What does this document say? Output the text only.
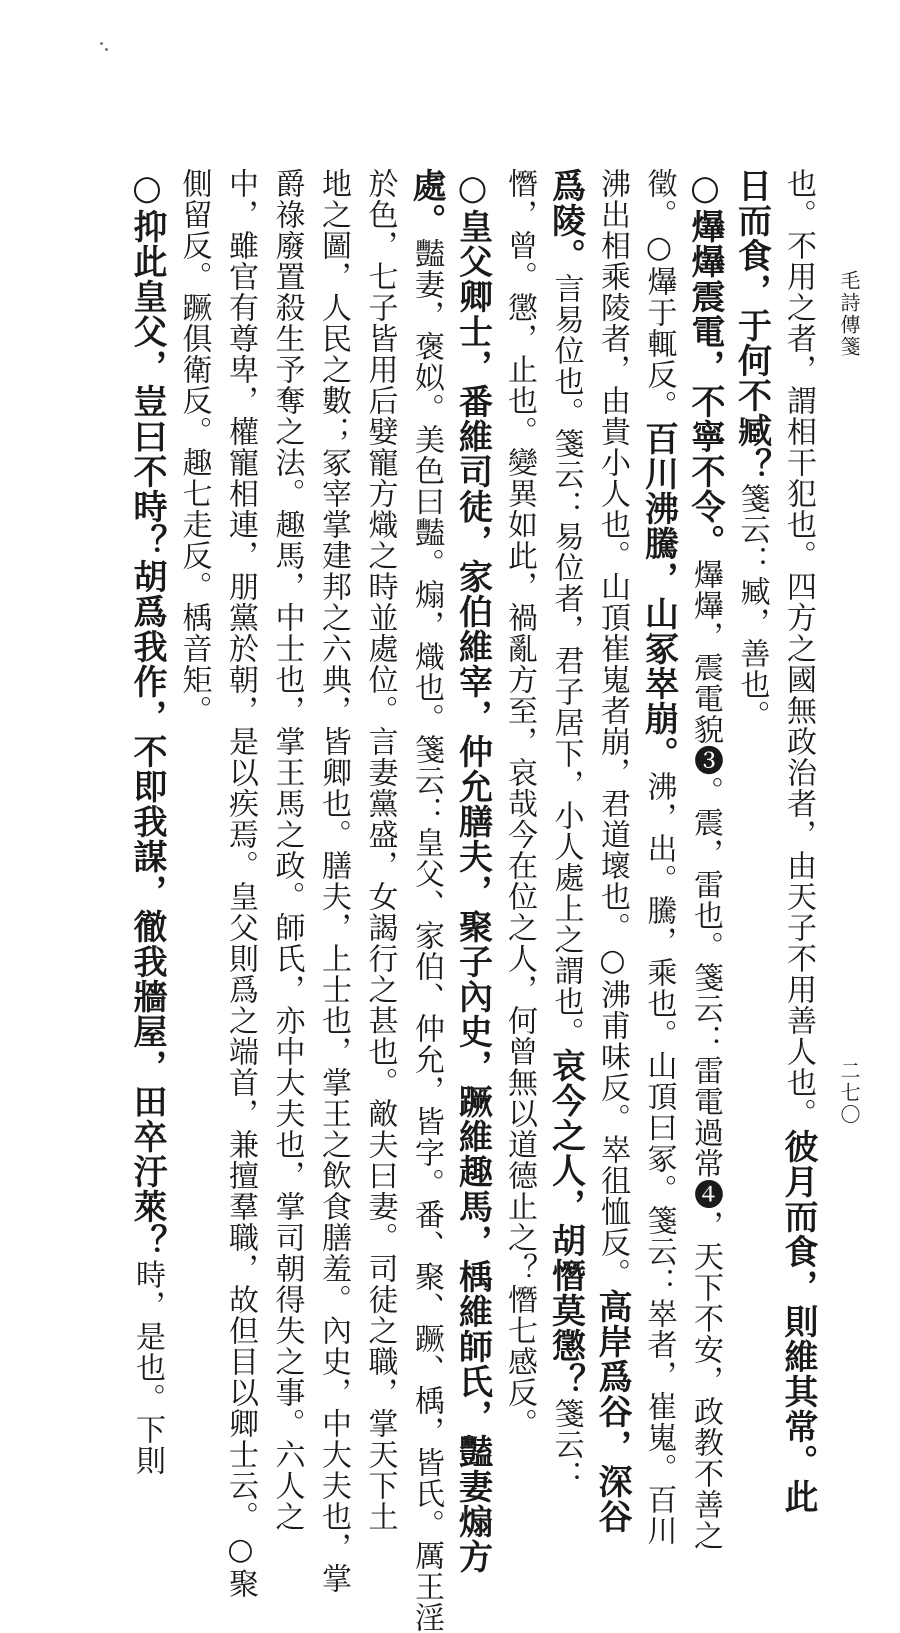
毛詩傳箋
二七〇
也。不用之者，謂相干犯也。四方之國無政治者，由天子不用善人也。彼月而食，則維其常。此
日而食，于何不臧？箋云：臧，善也。
○爗爗震電，不寧不令。爗爗，震電貌❸。震，雷也。箋云：雷電過常❹，天下不安，政教不善之
徵。○爗于輒反。百川沸騰，山冢崒崩。沸，出。騰，乘也。山頂曰冢。箋云：崒者，崔嵬。百川
沸出相乘陵者，由貴小人也。山頂崔嵬者崩，君道壞也。○沸甫味反。崒徂恤反。高岸爲谷，深谷
爲陵。言易位也。箋云：易位者，君子居下，小人處上之謂也。哀今之人，胡憯莫懲？箋云：
憯，曾。懲，止也。變異如此，禍亂方至，哀哉今在位之人，何曾無以道德止之？憯七感反。
○皇父卿士，番維司徒，家伯維宰，仲允膳夫，聚子內史，蹶維趣馬，楀維師氏，豔妻煽方
處。豔妻，褒姒。美色曰豔。煽，熾也。箋云：皇父、家伯、仲允，皆字。番、聚、蹶、楀，皆氏。厲王淫
於色，七子皆用后嬖寵方熾之時並處位。言妻黨盛，女謁行之甚也。敵夫曰妻。司徒之職，掌天下土
地之圖，人民之數；冢宰掌建邦之六典，皆卿也。膳夫，上士也，掌王之飲食膳羞。內史，中大夫也，掌
爵祿廢置殺生予奪之法。趣馬，中士也，掌王馬之政。師氏，亦中大夫也，掌司朝得失之事。六人之
中，雖官有尊卑，權寵相連，朋黨於朝，是以疾焉。皇父則爲之端首，兼擅羣職，故但目以卿士云。○聚
側留反。蹶俱衛反。趣七走反。楀音矩。
○抑此皇父，豈曰不時？胡爲我作，不即我謀，徹我牆屋，田卒汙萊？時，是也。下則
